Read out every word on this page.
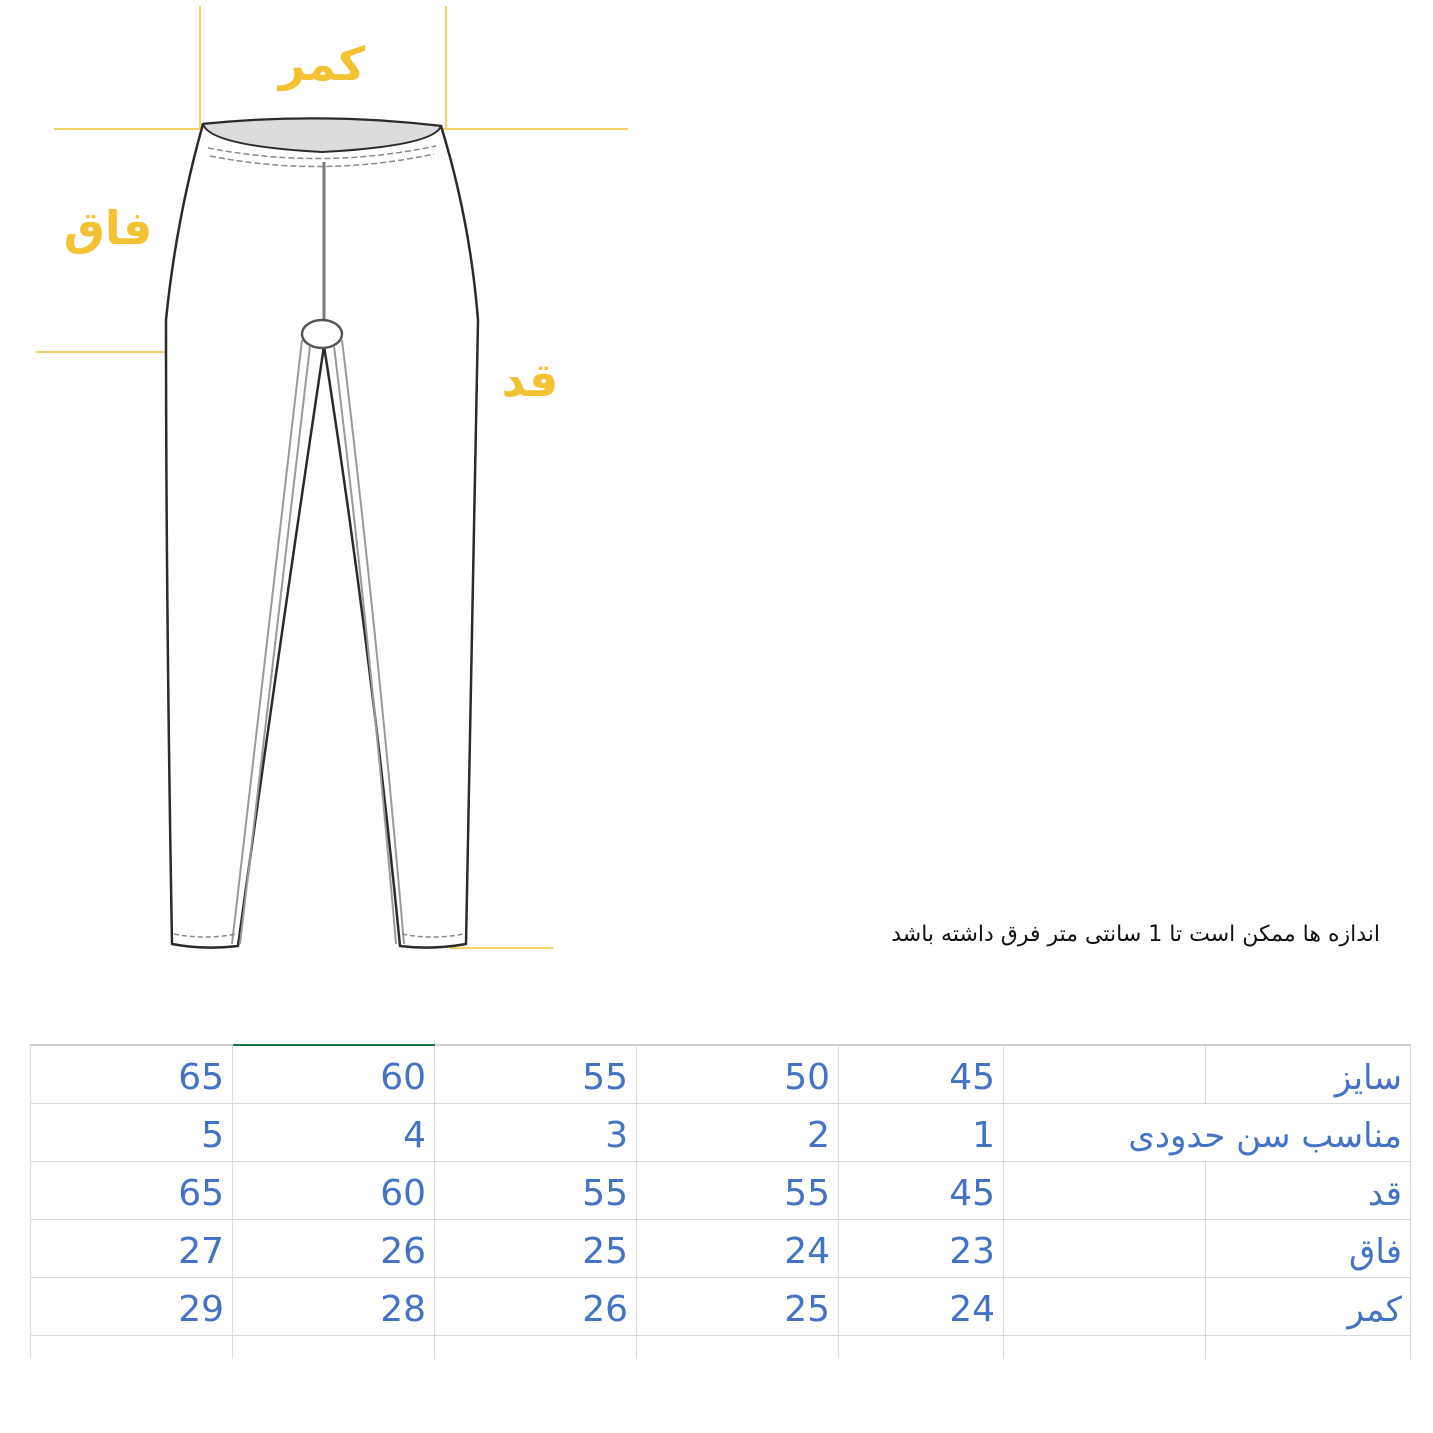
کمر
فاق
قد
اندازه ها ممکن است تا 1 سانتی متر فرق داشته باشد
65	60	55	50	45		سایز
5	4	3	2	1	مناسب سن حدودی	
65	60	55	55	45		قد
27	26	25	24	23		فاق
29	28	26	25	24		کمر
